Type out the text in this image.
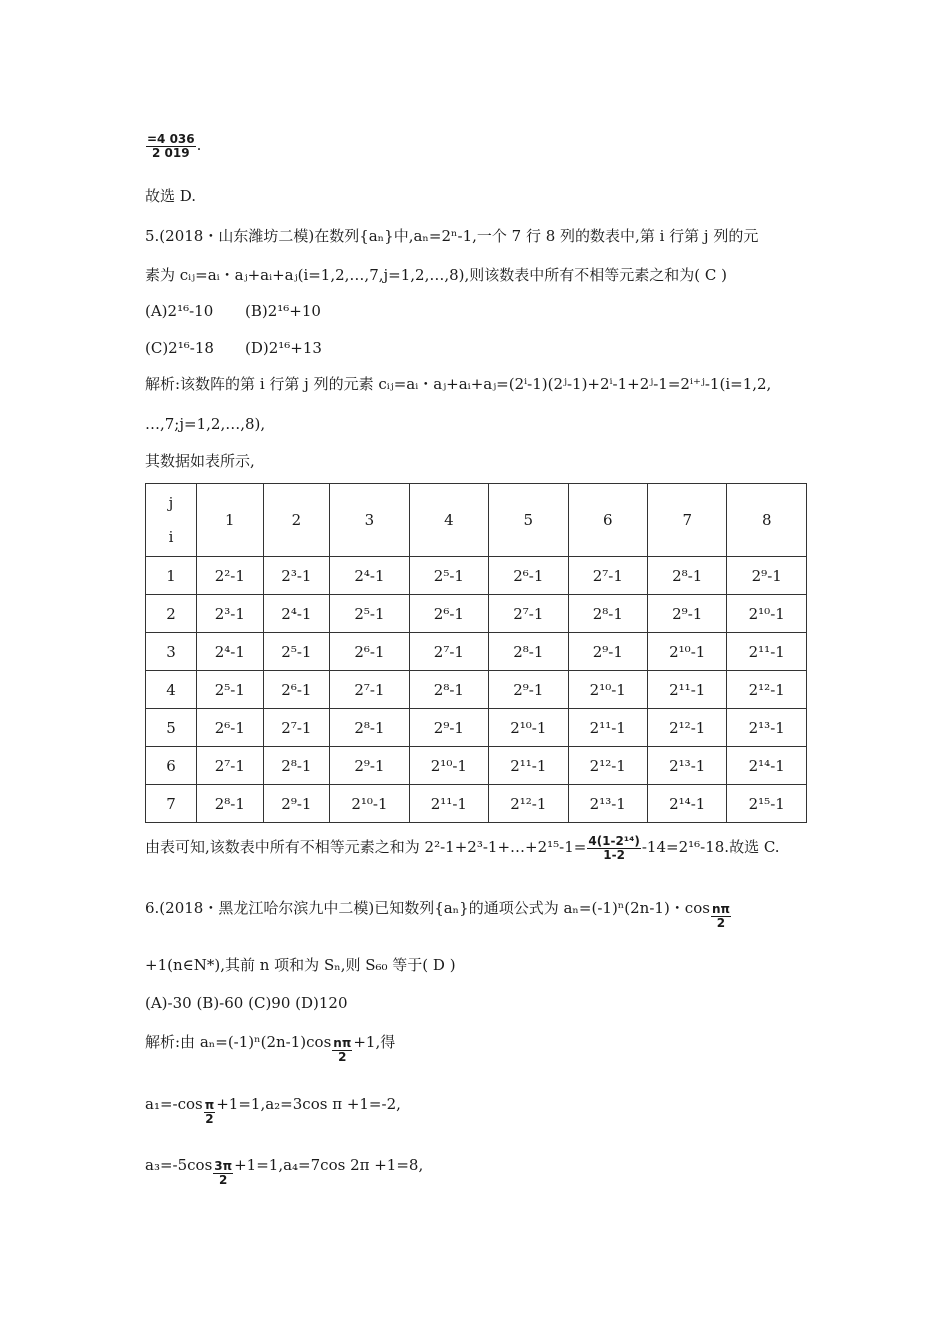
$\frac{=4 036}{2 019}$ .
故选 D.
5.(2018・山东潍坊二模)在数列{aₙ}中,aₙ=2ⁿ-1,一个 7 行 8 列的数表中,第 i 行第 j 列的元
素为 cᵢⱼ=aᵢ・aⱼ+aᵢ+aⱼ(i=1,2,…,7,j=1,2,…,8),则该数表中所有不相等元素之和为( C )
(A)2¹⁶-10 (B)2¹⁶+10
(C)2¹⁶-18 (D)2¹⁶+13
解析:该数阵的第 i 行第 j 列的元素 cᵢⱼ=aᵢ・aⱼ+aᵢ+aⱼ=(2ⁱ-1)(2ʲ-1)+2ⁱ-1+2ʲ-1=2ⁱ⁺ʲ-1(i=1,2,
…,7;j=1,2,…,8),
其数据如表所示,
j
i	1	2	3	4	5	6	7	8
1	2²-1	2³-1	2⁴-1	2⁵-1	2⁶-1	2⁷-1	2⁸-1	2⁹-1
2	2³-1	2⁴-1	2⁵-1	2⁶-1	2⁷-1	2⁸-1	2⁹-1	2¹⁰-1
3	2⁴-1	2⁵-1	2⁶-1	2⁷-1	2⁸-1	2⁹-1	2¹⁰-1	2¹¹-1
4	2⁵-1	2⁶-1	2⁷-1	2⁸-1	2⁹-1	2¹⁰-1	2¹¹-1	2¹²-1
5	2⁶-1	2⁷-1	2⁸-1	2⁹-1	2¹⁰-1	2¹¹-1	2¹²-1	2¹³-1
6	2⁷-1	2⁸-1	2⁹-1	2¹⁰-1	2¹¹-1	2¹²-1	2¹³-1	2¹⁴-1
7	2⁸-1	2⁹-1	2¹⁰-1	2¹¹-1	2¹²-1	2¹³-1	2¹⁴-1	2¹⁵-1
由表可知,该数表中所有不相等元素之和为 2²-1+2³-1+…+2¹⁵-1= $\frac{\text{4(1-2¹⁴)}}{1-2} -14=2^{16}-18$.故选 C.
6.(2018・黑龙江哈尔滨九中二模)已知数列{aₙ}的通项公式为 aₙ=(-1)ⁿ(2n-1)・$\cos \frac{n\pi}{2}$
+1(n∈N*),其前 n 项和为 Sₙ,则 S₆₀ 等于( D )
(A)-30 (B)-60 (C)90 (D)120
解析:由 $a_n=(-1)^n(2n-1)\cos \frac{n\pi}{2} +1$,得
$a_1=-\cos \frac{\pi}{2} +1=1,a_2=3\cos$ π +1=-2,
$a_3=-5\cos \frac{3\pi}{2} +1=1,a_4=7\cos$ 2π +1=8,
